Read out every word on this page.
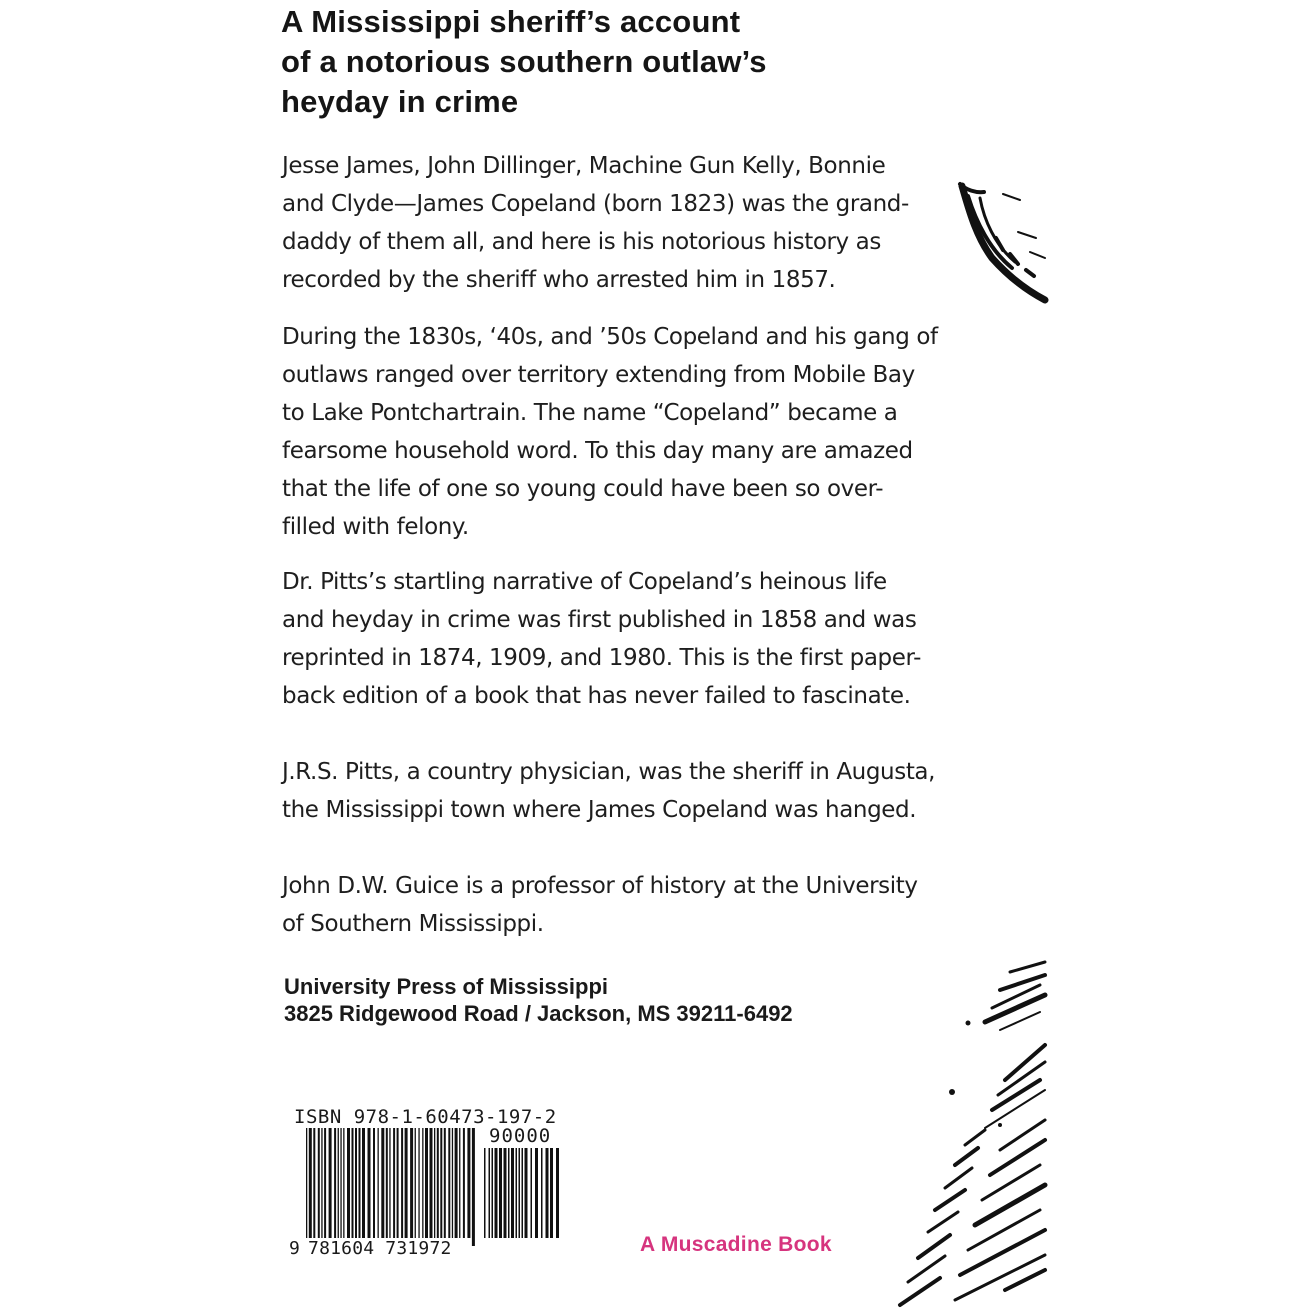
A Mississippi sheriff’s account
of a notorious southern outlaw’s
heyday in crime

Jesse James, John Dillinger, Machine Gun Kelly, Bonnie
and Clyde—James Copeland (born 1823) was the grand-
daddy of them all, and here is his notorious history as
recorded by the sheriff who arrested him in 1857.

During the 1830s, ‘40s, and ’50s Copeland and his gang of
outlaws ranged over territory extending from Mobile Bay
to Lake Pontchartrain. The name “Copeland” became a
fearsome household word. To this day many are amazed
that the life of one so young could have been so over-
filled with felony.

Dr. Pitts’s startling narrative of Copeland’s heinous life
and heyday in crime was first published in 1858 and was
reprinted in 1874, 1909, and 1980. This is the first paper-
back edition of a book that has never failed to fascinate.

J.R.S. Pitts, a country physician, was the sheriff in Augusta,
the Mississippi town where James Copeland was hanged.

John D.W. Guice is a professor of history at the University
of Southern Mississippi.

University Press of Mississippi
3825 Ridgewood Road / Jackson, MS 39211-6492

ISBN 978-1-60473-197-2
90000
9 781604 731972	A Muscadine Book
